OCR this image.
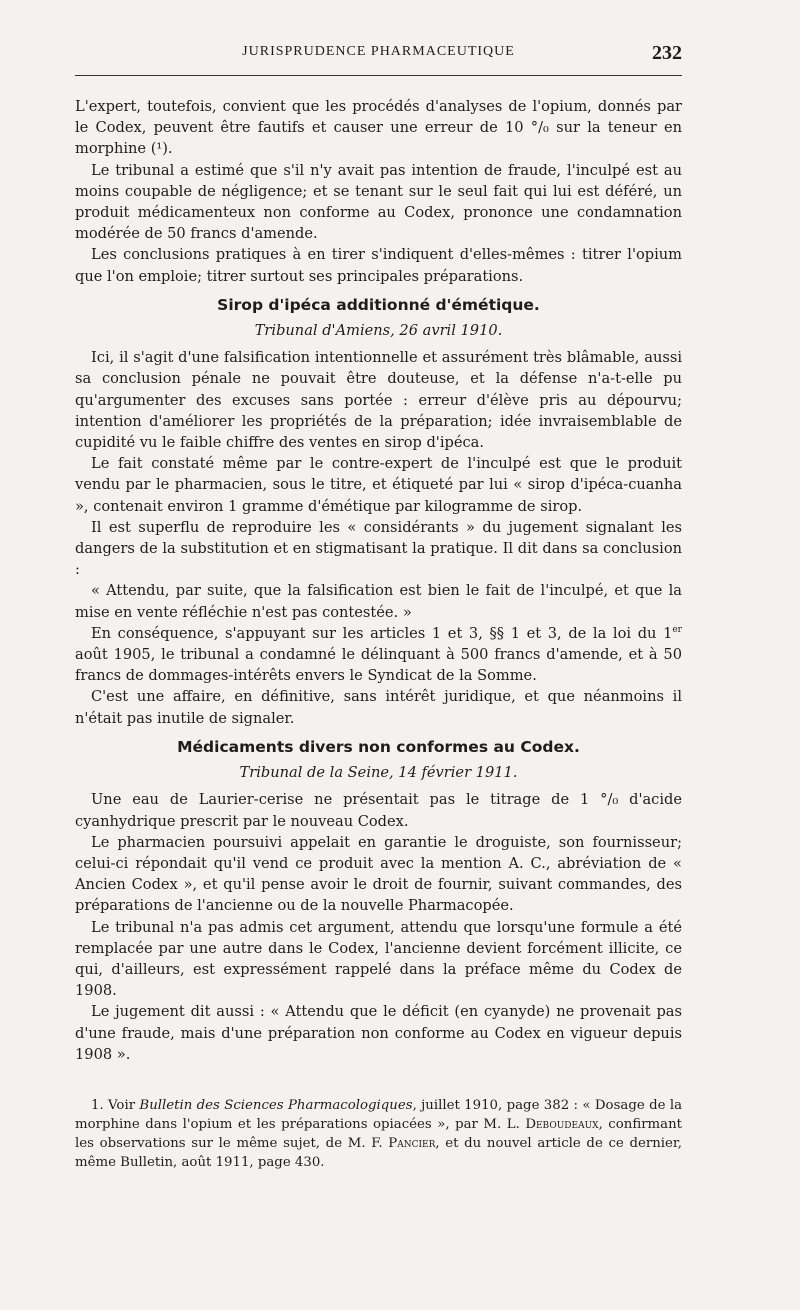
JURISPRUDENCE PHARMACEUTIQUE	232

L'expert, toutefois, convient que les procédés d'analyses de l'opium, donnés par le Codex, peuvent être fautifs et causer une erreur de 10 °/₀ sur la teneur en morphine (¹).

Le tribunal a estimé que s'il n'y avait pas intention de fraude, l'inculpé est au moins coupable de négligence; et se tenant sur le seul fait qui lui est déféré, un produit médicamenteux non conforme au Codex, prononce une condamnation modérée de 50 francs d'amende.

Les conclusions pratiques à en tirer s'indiquent d'elles-mêmes : titrer l'opium que l'on emploie; titrer surtout ses principales préparations.

Sirop d'ipéca additionné d'émétique.
Tribunal d'Amiens, 26 avril 1910.

Ici, il s'agit d'une falsification intentionnelle et assurément très blâmable, aussi sa conclusion pénale ne pouvait être douteuse, et la défense n'a-t-elle pu qu'argumenter des excuses sans portée : erreur d'élève pris au dépourvu; intention d'améliorer les propriétés de la préparation; idée invraisemblable de cupidité vu le faible chiffre des ventes en sirop d'ipéca.

Le fait constaté même par le contre-expert de l'inculpé est que le produit vendu par le pharmacien, sous le titre, et étiqueté par lui « sirop d'ipéca-cuanha », contenait environ 1 gramme d'émétique par kilogramme de sirop.

Il est superflu de reproduire les « considérants » du jugement signalant les dangers de la substitution et en stigmatisant la pratique. Il dit dans sa conclusion :

« Attendu, par suite, que la falsification est bien le fait de l'inculpé, et que la mise en vente réfléchie n'est pas contestée. »

En conséquence, s'appuyant sur les articles 1 et 3, §§ 1 et 3, de la loi du 1er août 1905, le tribunal a condamné le délinquant à 500 francs d'amende, et à 50 francs de dommages-intérêts envers le Syndicat de la Somme.

C'est une affaire, en définitive, sans intérêt juridique, et que néanmoins il n'était pas inutile de signaler.

Médicaments divers non conformes au Codex.
Tribunal de la Seine, 14 février 1911.

Une eau de Laurier-cerise ne présentait pas le titrage de 1 °/₀ d'acide cyanhydrique prescrit par le nouveau Codex.

Le pharmacien poursuivi appelait en garantie le droguiste, son fournisseur; celui-ci répondait qu'il vend ce produit avec la mention A. C., abréviation de « Ancien Codex », et qu'il pense avoir le droit de fournir, suivant commandes, des préparations de l'ancienne ou de la nouvelle Pharmacopée.

Le tribunal n'a pas admis cet argument, attendu que lorsqu'une formule a été remplacée par une autre dans le Codex, l'ancienne devient forcément illicite, ce qui, d'ailleurs, est expressément rappelé dans la préface même du Codex de 1908.

Le jugement dit aussi : « Attendu que le déficit (en cyanyde) ne provenait pas d'une fraude, mais d'une préparation non conforme au Codex en vigueur depuis 1908 ».

1. Voir Bulletin des Sciences Pharmacologiques, juillet 1910, page 382 : « Dosage de la morphine dans l'opium et les préparations opiacées », par M. L. Deboudeaux, confirmant les observations sur le même sujet, de M. F. Pancier, et du nouvel article de ce dernier, même Bulletin, août 1911, page 430.
